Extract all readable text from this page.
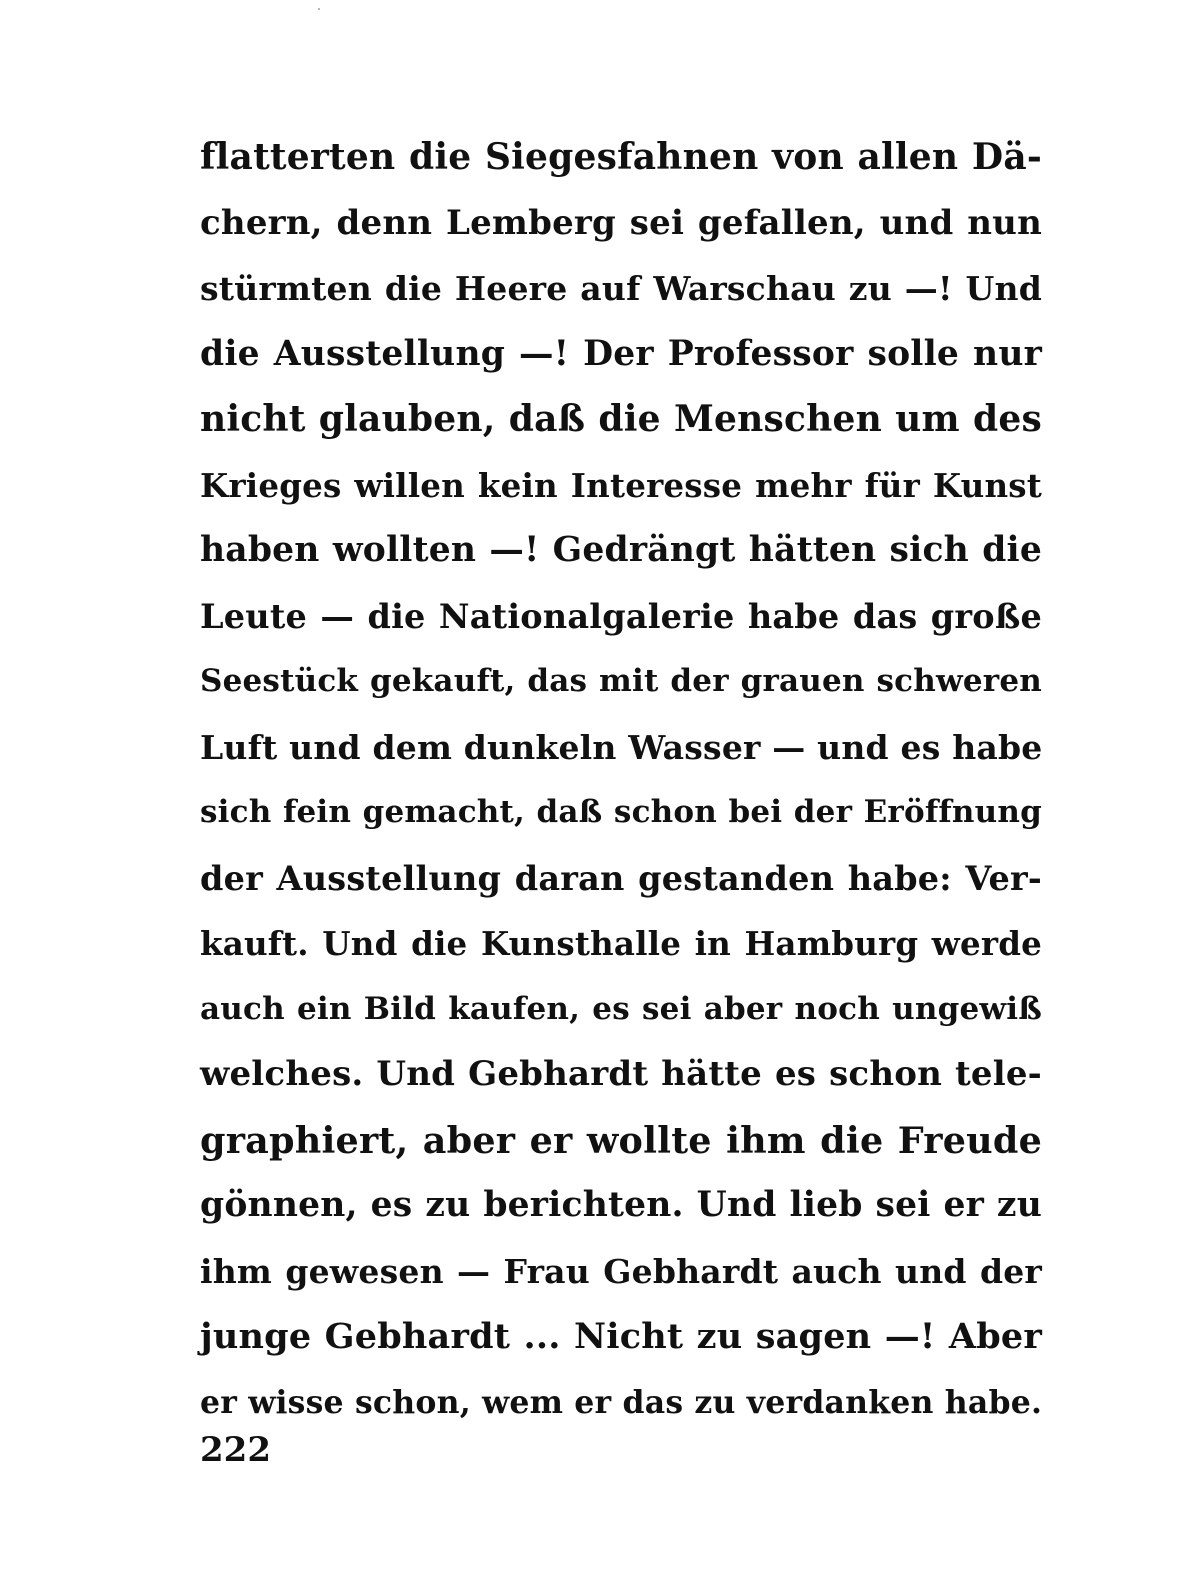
flatterten die Siegesfahnen von allen Dä-
chern, denn Lemberg sei gefallen, und nun
stürmten die Heere auf Warschau zu —! Und
die Ausstellung —! Der Professor solle nur
nicht glauben, daß die Menschen um des
Krieges willen kein Interesse mehr für Kunst
haben wollten —! Gedrängt hätten sich die
Leute — die Nationalgalerie habe das große
Seestück gekauft, das mit der grauen schweren
Luft und dem dunkeln Wasser — und es habe
sich fein gemacht, daß schon bei der Eröffnung
der Ausstellung daran gestanden habe: Ver-
kauft. Und die Kunsthalle in Hamburg werde
auch ein Bild kaufen, es sei aber noch ungewiß
welches. Und Gebhardt hätte es schon tele-
graphiert, aber er wollte ihm die Freude
gönnen, es zu berichten. Und lieb sei er zu
ihm gewesen — Frau Gebhardt auch und der
junge Gebhardt ... Nicht zu sagen —! Aber
er wisse schon, wem er das zu verdanken habe.
222
